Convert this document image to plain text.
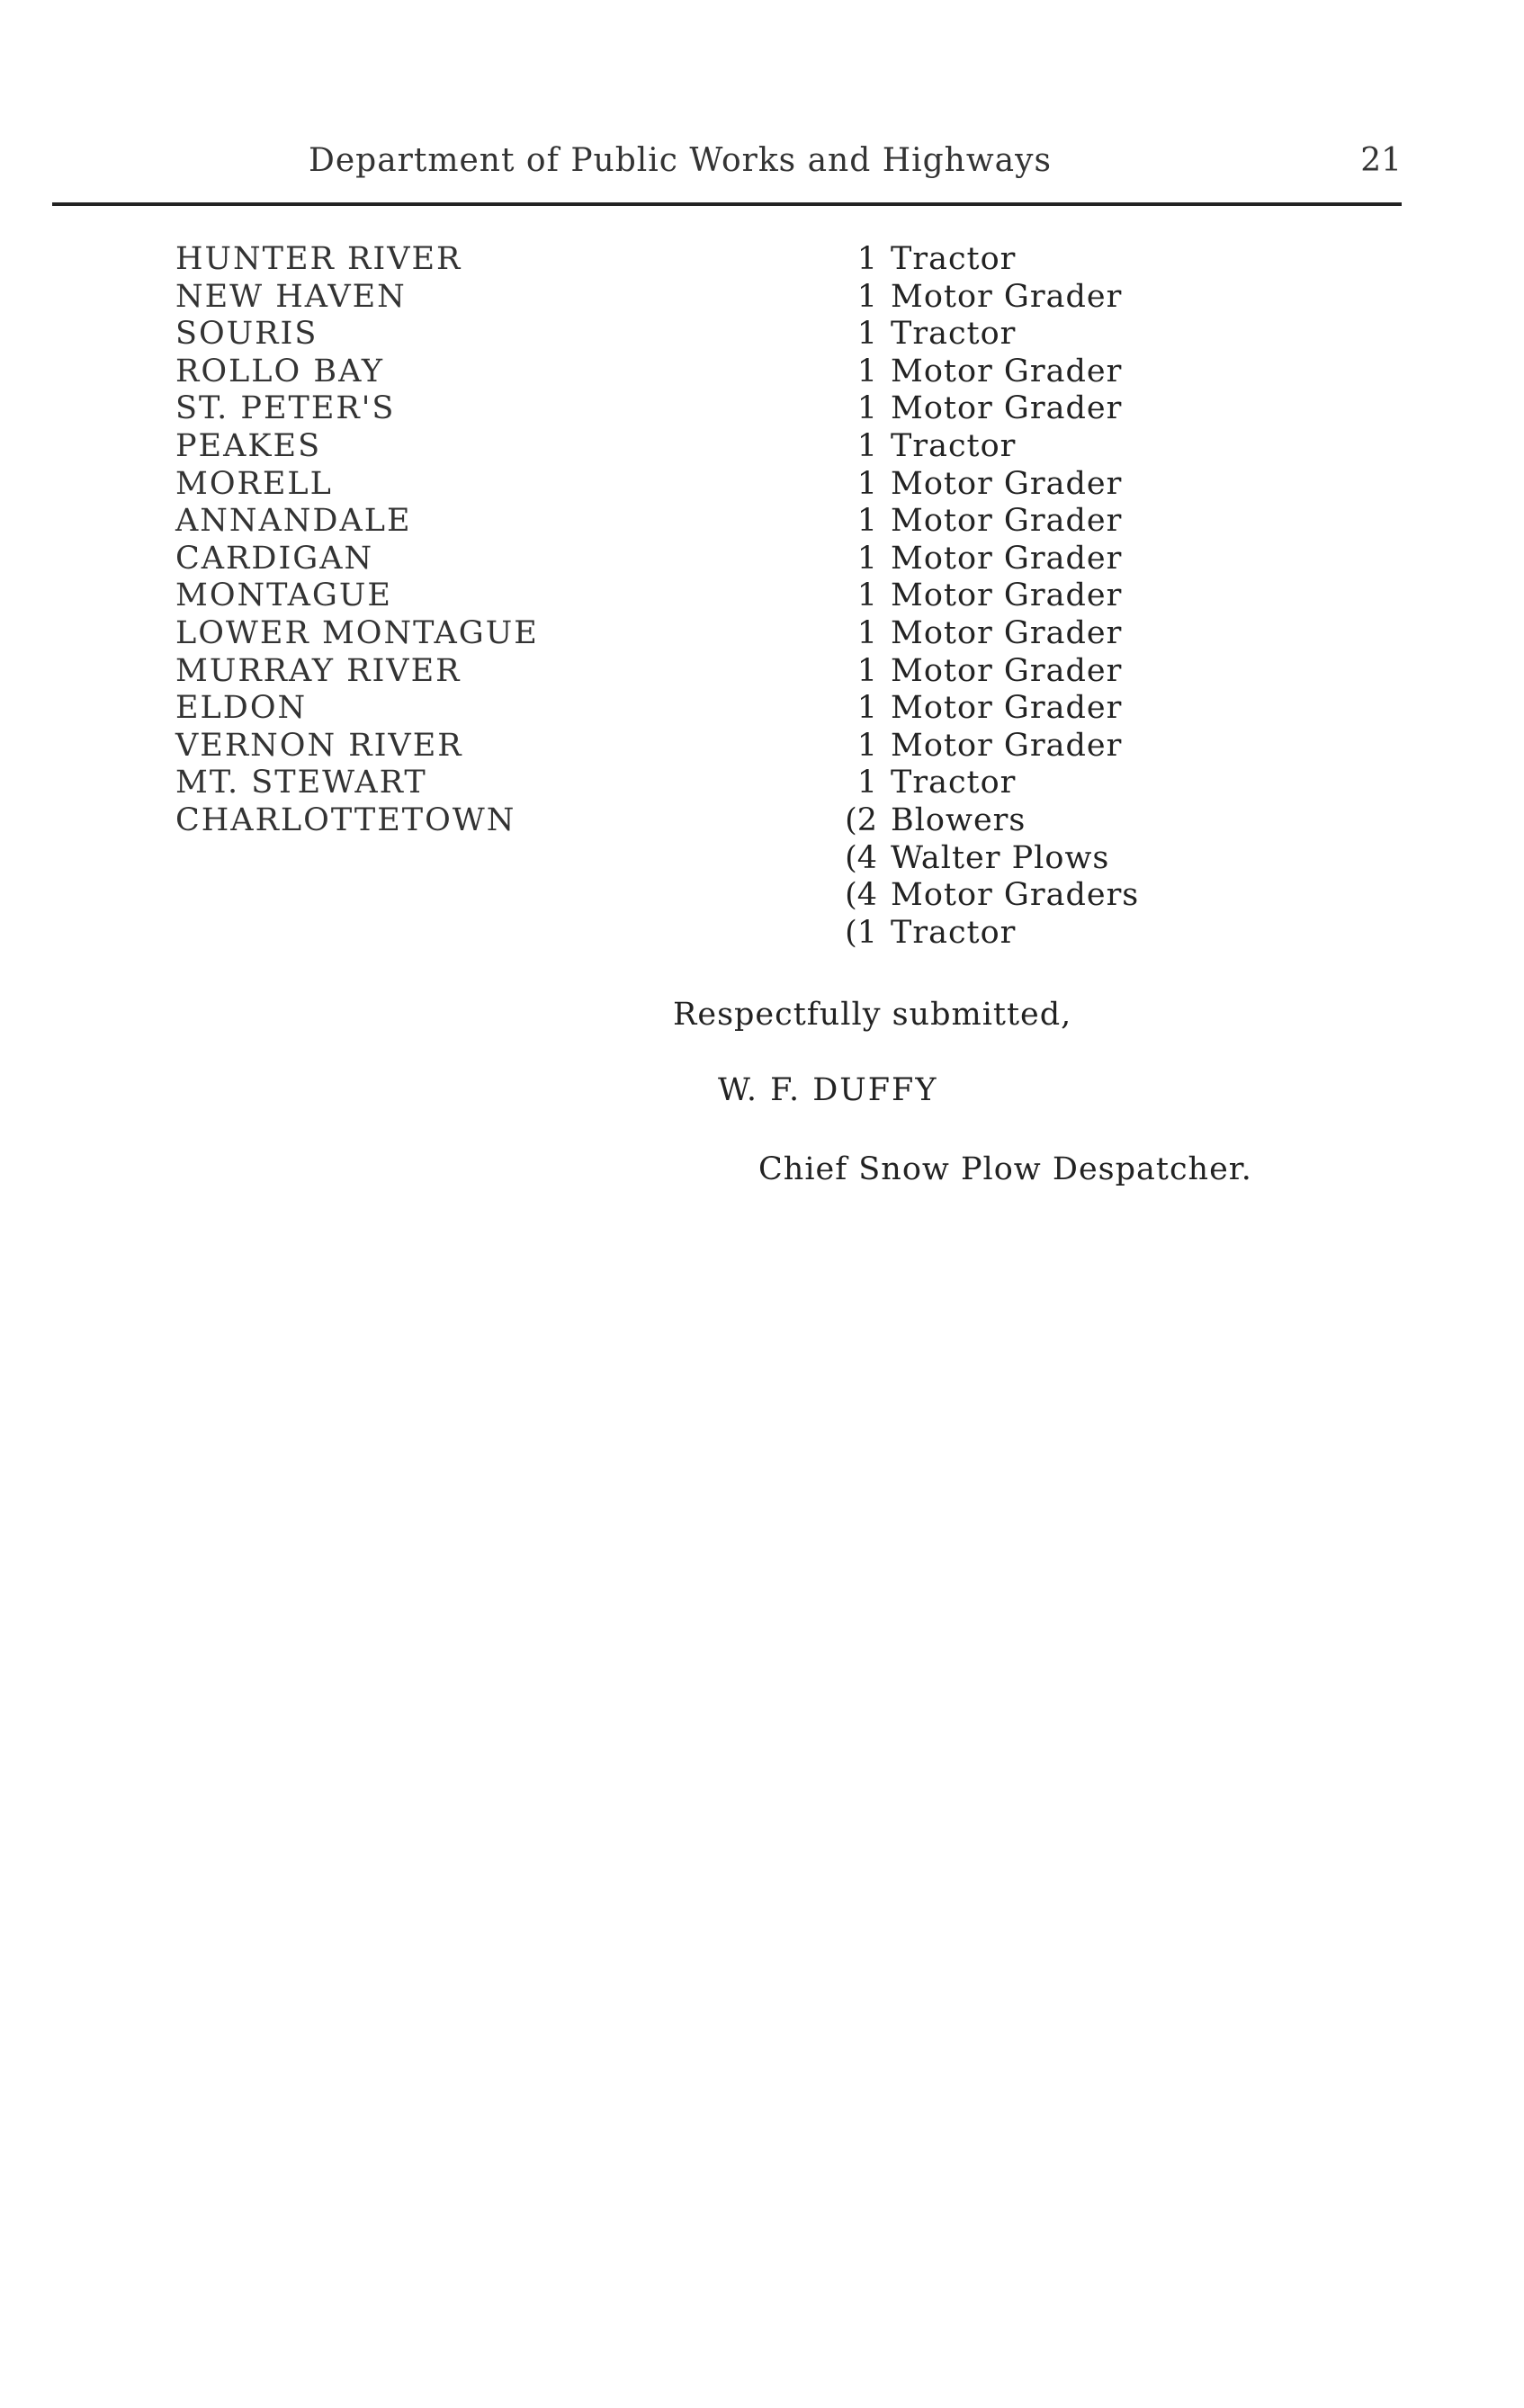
Department of Public Works and Highways	21
HUNTER RIVER	1 Tractor
NEW HAVEN	1 Motor Grader
SOURIS	1 Tractor
ROLLO BAY	1 Motor Grader
ST. PETER'S	1 Motor Grader
PEAKES	1 Tractor
MORELL	1 Motor Grader
ANNANDALE	1 Motor Grader
CARDIGAN	1 Motor Grader
MONTAGUE	1 Motor Grader
LOWER MONTAGUE	1 Motor Grader
MURRAY RIVER	1 Motor Grader
ELDON	1 Motor Grader
VERNON RIVER	1 Motor Grader
MT. STEWART	1 Tractor
CHARLOTTETOWN	(2 Blowers
(4 Walter Plows
(4 Motor Graders
(1 Tractor
Respectfully submitted,
W. F. DUFFY
Chief Snow Plow Despatcher.
